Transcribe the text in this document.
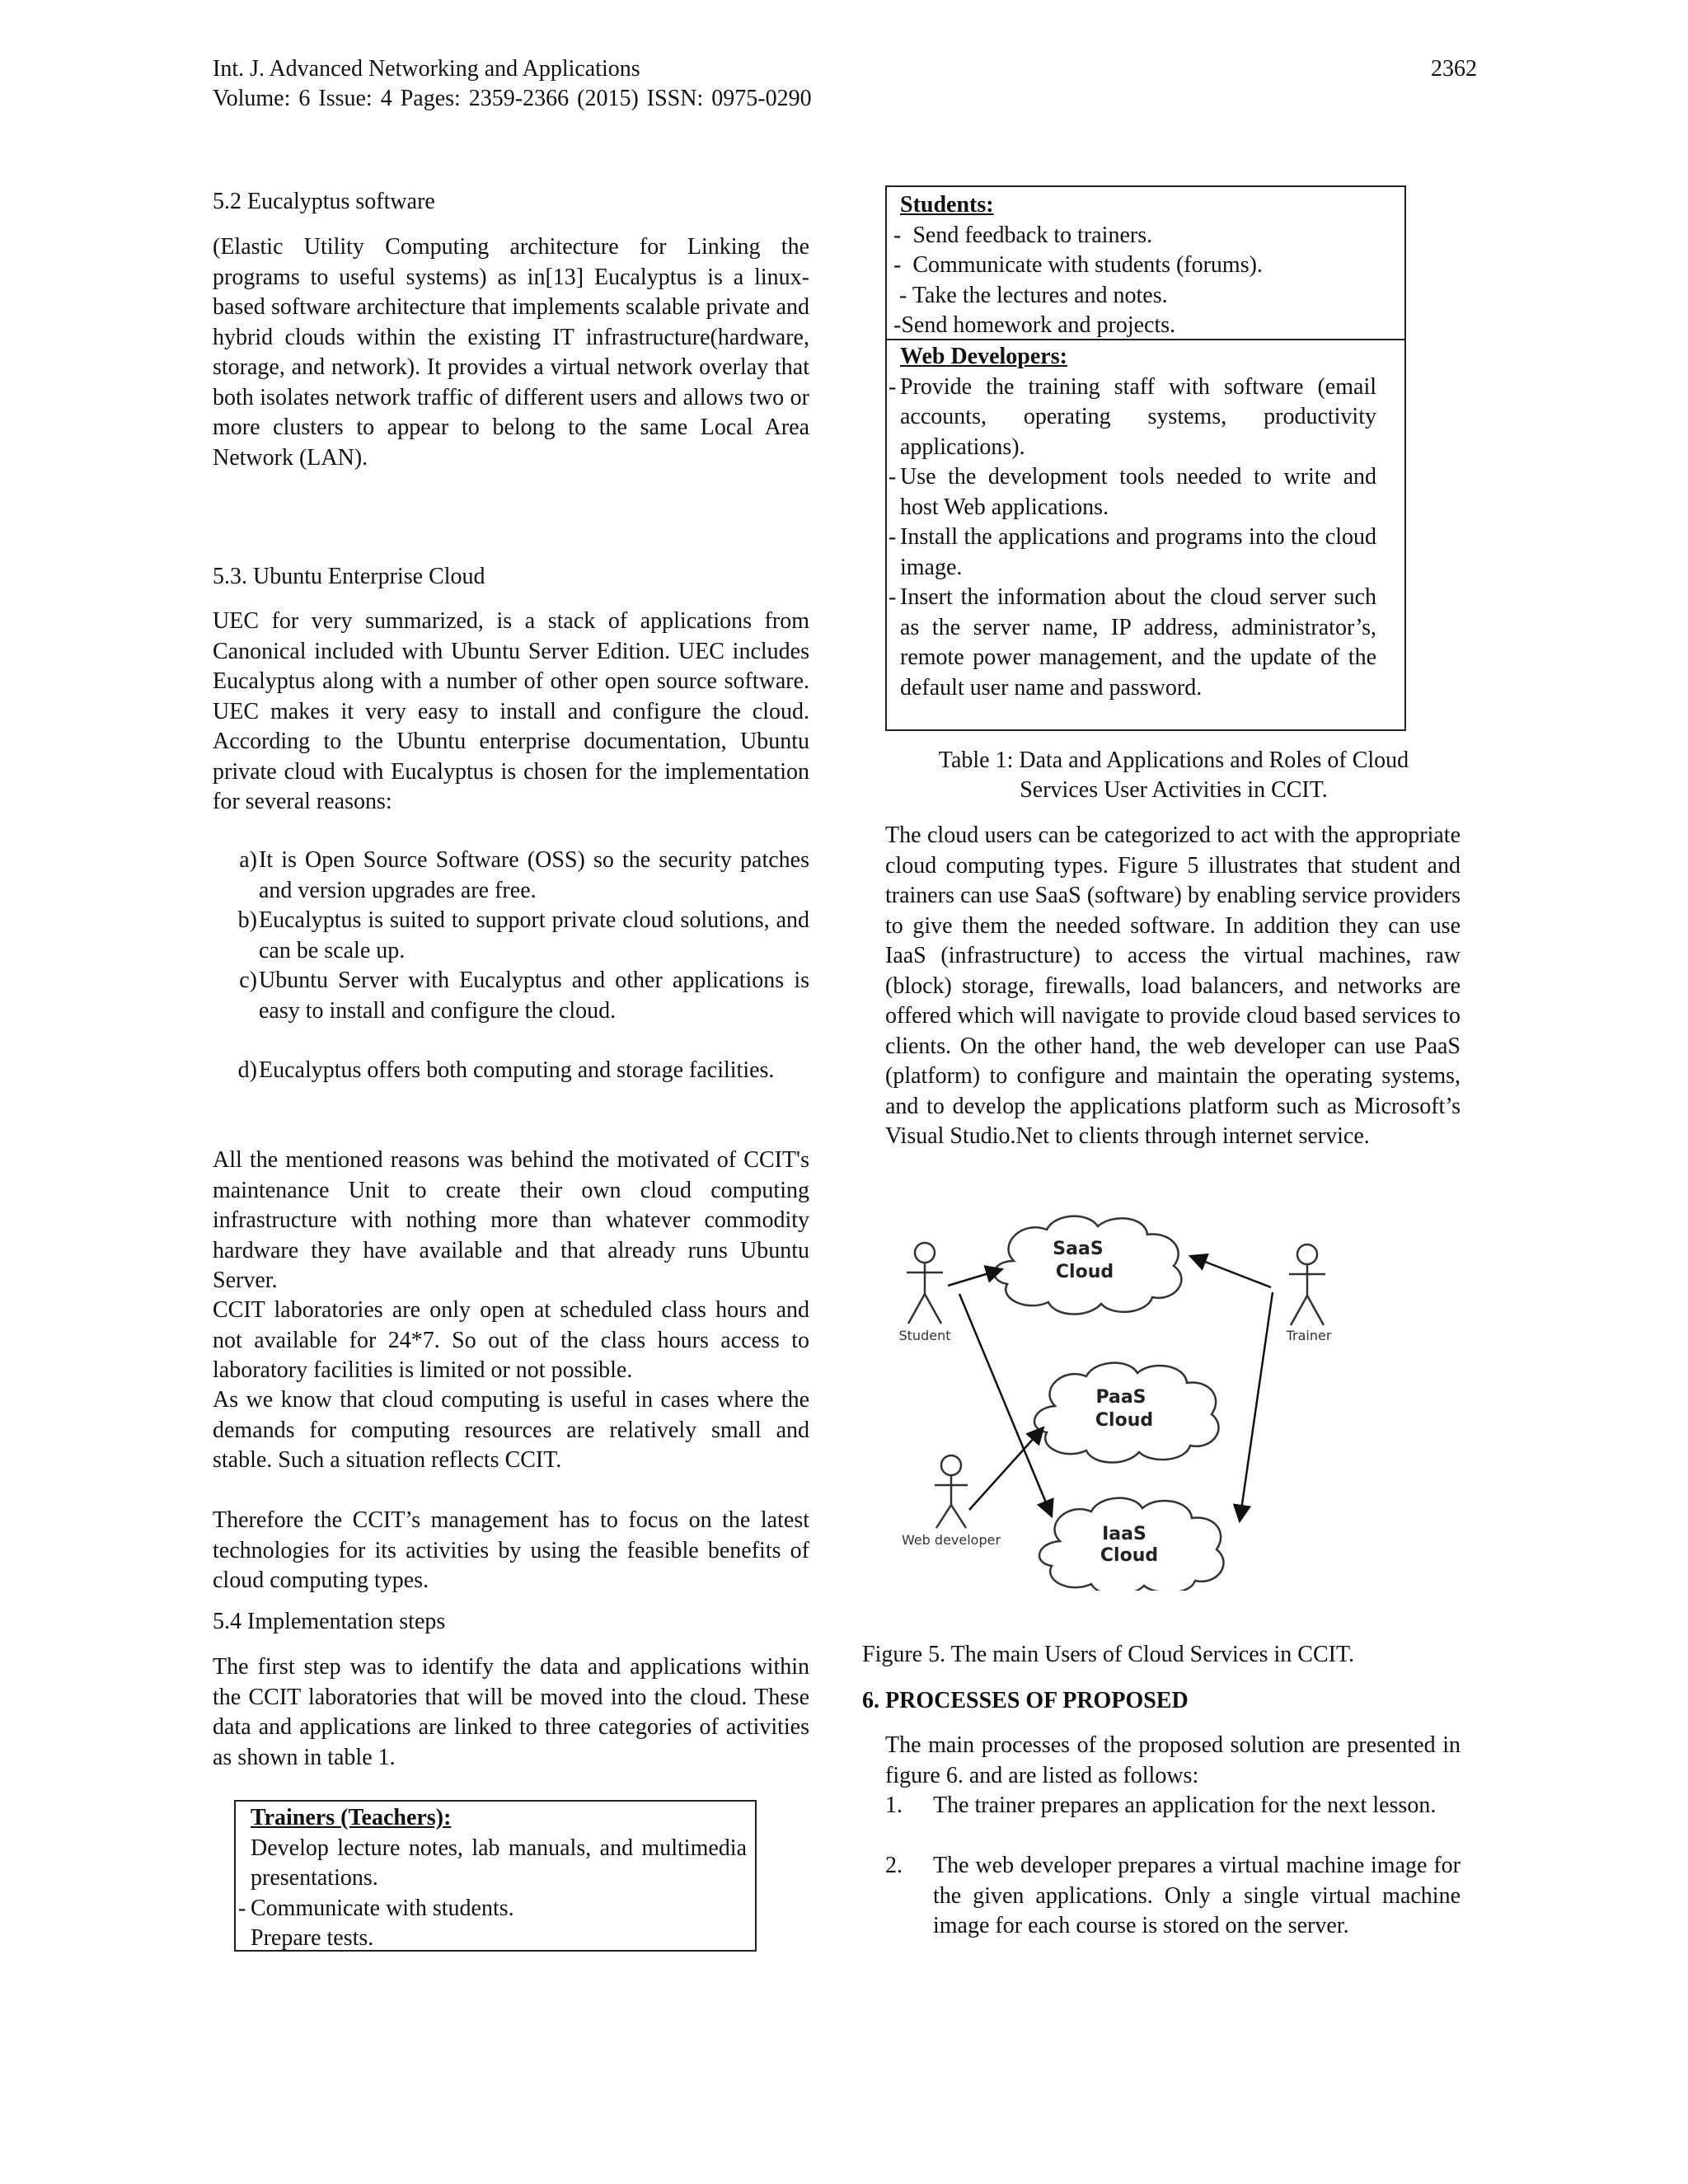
Int. J. Advanced Networking and Applications
Volume: 6 Issue: 4 Pages: 2359-2366 (2015) ISSN: 0975-0290
2362
5.2 Eucalyptus software
(Elastic Utility Computing architecture for Linking the programs to useful systems) as in[13] Eucalyptus is a linux-based software architecture that implements scalable private and hybrid clouds within the existing IT infrastructure(hardware, storage, and network). It provides a virtual network overlay that both isolates network traffic of different users and allows two or more clusters to appear to belong to the same Local Area Network (LAN).
5.3. Ubuntu Enterprise Cloud
UEC for very summarized, is a stack of applications from Canonical included with Ubuntu Server Edition. UEC includes Eucalyptus along with a number of other open source software. UEC makes it very easy to install and configure the cloud. According to the Ubuntu enterprise documentation, Ubuntu private cloud with Eucalyptus is chosen for the implementation for several reasons:
a) It is Open Source Software (OSS) so the security patches and version upgrades are free.
b) Eucalyptus is suited to support private cloud solutions, and can be scale up.
c) Ubuntu Server with Eucalyptus and other applications is easy to install and configure the cloud.
d) Eucalyptus offers both computing and storage facilities.
All the mentioned reasons was behind the motivated of CCIT's maintenance Unit to create their own cloud computing infrastructure with nothing more than whatever commodity hardware they have available and that already runs Ubuntu Server.
CCIT laboratories are only open at scheduled class hours and not available for 24*7. So out of the class hours access to laboratory facilities is limited or not possible.
As we know that cloud computing is useful in cases where the demands for computing resources are relatively small and stable. Such a situation reflects CCIT.
Therefore the CCIT’s management has to focus on the latest technologies for its activities by using the feasible benefits of cloud computing types.
5.4 Implementation steps
The first step was to identify the data and applications within the CCIT laboratories that will be moved into the cloud. These data and applications are linked to three categories of activities as shown in table 1.
Trainers (Teachers):
Develop lecture notes, lab manuals, and multimedia presentations.
- Communicate with students.
Prepare tests.
Students:
-  Send feedback to trainers.
-  Communicate with students (forums).
- Take the lectures and notes.
-Send homework and projects.
Web Developers:
- Provide the training staff with software (email accounts, operating systems, productivity applications).
- Use the development tools needed to write and host Web applications.
- Install the applications and programs into the cloud image.
- Insert the information about the cloud server such as the server name, IP address, administrator’s, remote power management, and the update of the default user name and password.
Table 1: Data and Applications and Roles of Cloud
Services User Activities in CCIT.
The cloud users can be categorized to act with the appropriate cloud computing types. Figure 5 illustrates that student and trainers can use SaaS (software) by enabling service providers to give them the needed software. In addition they can use IaaS (infrastructure) to access the virtual machines, raw (block) storage, firewalls, load balancers, and networks are offered which will navigate to provide cloud based services to clients. On the other hand, the web developer can use PaaS (platform) to configure and maintain the operating systems, and to develop the applications platform such as Microsoft’s Visual Studio.Net to clients through internet service.
SaaS
Cloud
PaaS
Cloud
IaaS
Cloud
Student	Trainer
Web developer
Figure 5. The main Users of Cloud Services in CCIT.
6. PROCESSES OF PROPOSED
The main processes of the proposed solution are presented in figure 6. and are listed as follows:
1.	The trainer prepares an application for the next lesson.
2.	The web developer prepares a virtual machine image for the given applications. Only a single virtual machine image for each course is stored on the server.
